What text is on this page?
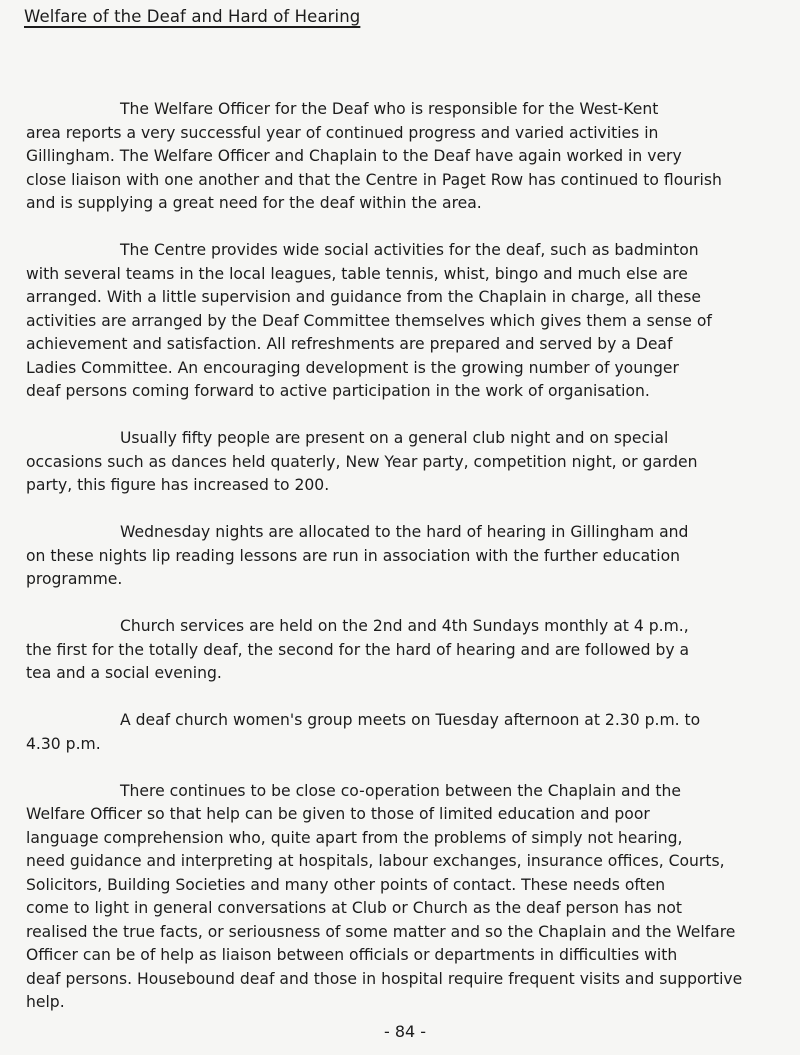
Welfare of the Deaf and Hard of Hearing

The Welfare Officer for the Deaf who is responsible for the West-Kent
area reports a very successful year of continued progress and varied activities in
Gillingham. The Welfare Officer and Chaplain to the Deaf have again worked in very
close liaison with one another and that the Centre in Paget Row has continued to flourish
and is supplying a great need for the deaf within the area.

The Centre provides wide social activities for the deaf, such as badminton
with several teams in the local leagues, table tennis, whist, bingo and much else are
arranged. With a little supervision and guidance from the Chaplain in charge, all these
activities are arranged by the Deaf Committee themselves which gives them a sense of
achievement and satisfaction. All refreshments are prepared and served by a Deaf
Ladies Committee. An encouraging development is the growing number of younger
deaf persons coming forward to active participation in the work of organisation.

Usually fifty people are present on a general club night and on special
occasions such as dances held quaterly, New Year party, competition night, or garden
party, this figure has increased to 200.

Wednesday nights are allocated to the hard of hearing in Gillingham and
on these nights lip reading lessons are run in association with the further education
programme.

Church services are held on the 2nd and 4th Sundays monthly at 4 p.m.,
the first for the totally deaf, the second for the hard of hearing and are followed by a
tea and a social evening.

A deaf church women's group meets on Tuesday afternoon at 2.30 p.m. to
4.30 p.m.

There continues to be close co-operation between the Chaplain and the
Welfare Officer so that help can be given to those of limited education and poor
language comprehension who, quite apart from the problems of simply not hearing,
need guidance and interpreting at hospitals, labour exchanges, insurance offices, Courts,
Solicitors, Building Societies and many other points of contact. These needs often
come to light in general conversations at Club or Church as the deaf person has not
realised the true facts, or seriousness of some matter and so the Chaplain and the Welfare
Officer can be of help as liaison between officials or departments in difficulties with
deaf persons. Housebound deaf and those in hospital require frequent visits and supportive
help.

- 84 -
